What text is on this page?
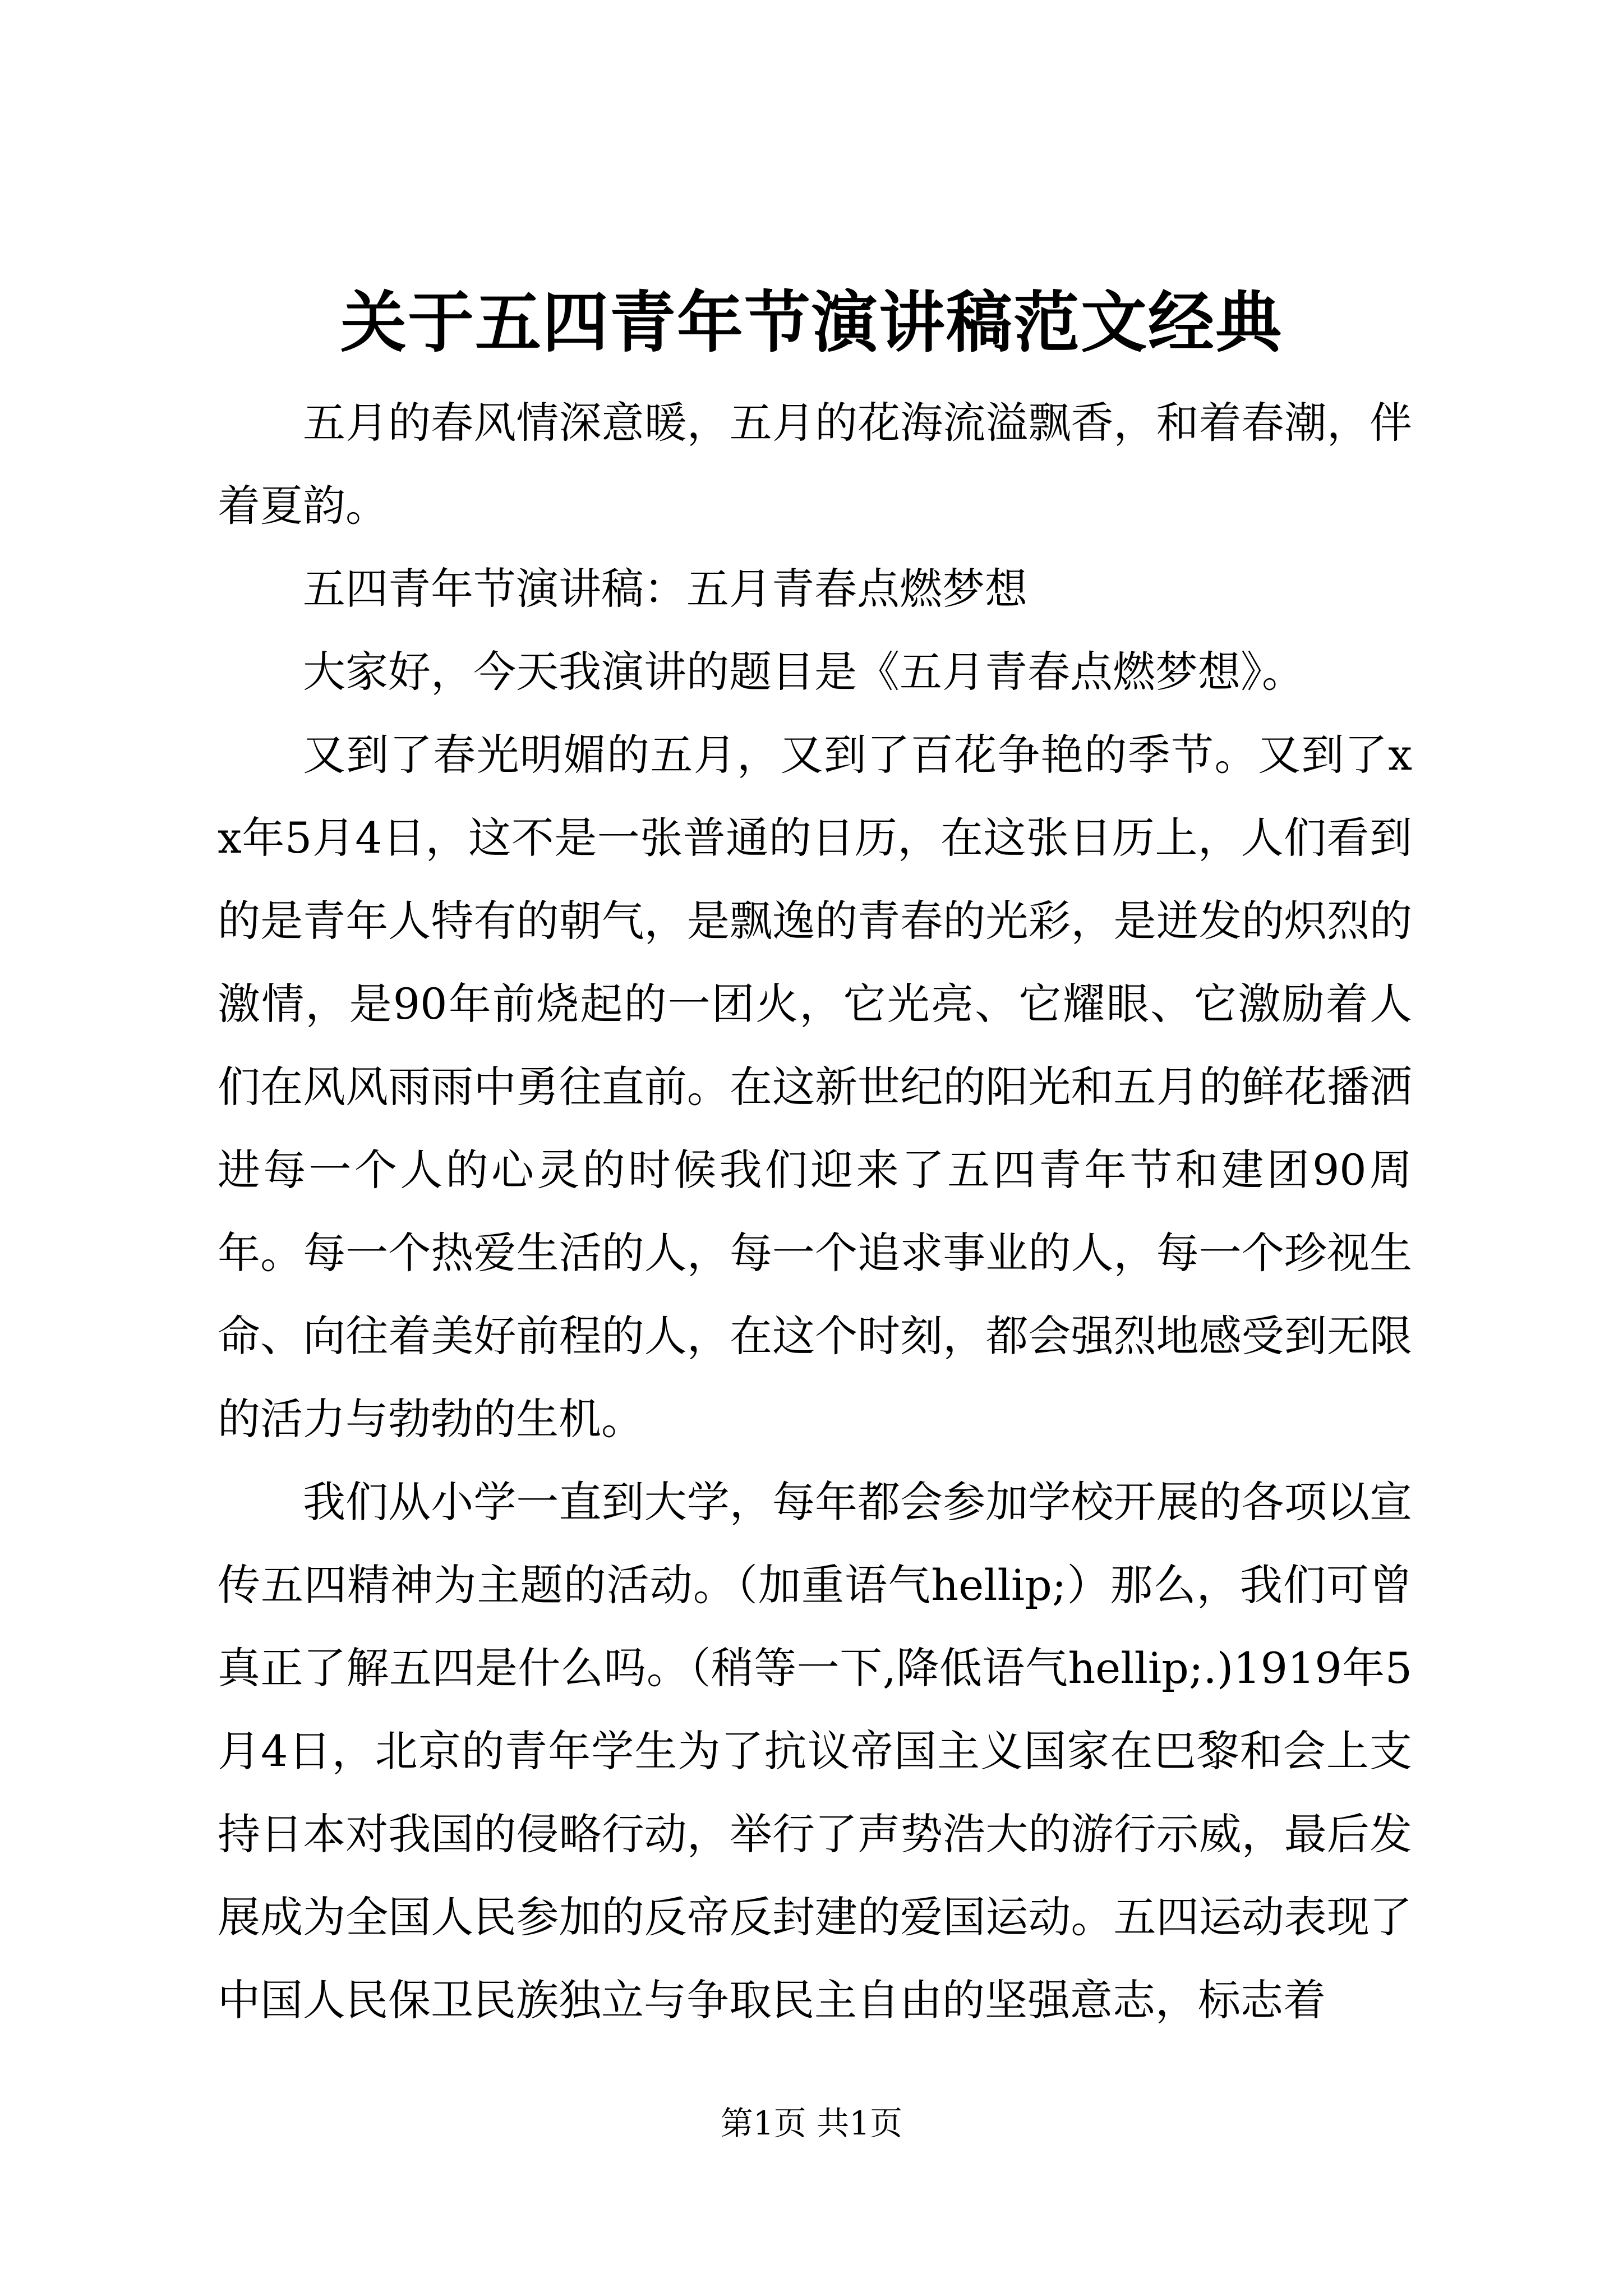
关于五四青年节演讲稿范文经典

五月的春风情深意暖，五月的花海流溢飘香，和着春潮，伴着夏韵。

五四青年节演讲稿：五月青春点燃梦想

大家好，今天我演讲的题目是《五月青春点燃梦想》。

又到了春光明媚的五月，又到了百花争艳的季节。又到了xx年5月4日，这不是一张普通的日历，在这张日历上，人们看到的是青年人特有的朝气，是飘逸的青春的光彩，是迸发的炽烈的激情，是90年前烧起的一团火，它光亮、它耀眼、它激励着人们在风风雨雨中勇往直前。在这新世纪的阳光和五月的鲜花播洒进每一个人的心灵的时候我们迎来了五四青年节和建团90周年。每一个热爱生活的人，每一个追求事业的人，每一个珍视生命、向往着美好前程的人，在这个时刻，都会强烈地感受到无限的活力与勃勃的生机。

我们从小学一直到大学，每年都会参加学校开展的各项以宣传五四精神为主题的活动。（加重语气hellip;）那么，我们可曾真正了解五四是什么吗。（稍等一下,降低语气hellip;.)1919年5月4日，北京的青年学生为了抗议帝国主义国家在巴黎和会上支持日本对我国的侵略行动，举行了声势浩大的游行示威，最后发展成为全国人民参加的反帝反封建的爱国运动。五四运动表现了中国人民保卫民族独立与争取民主自由的坚强意志，标志着

第1页 共1页
